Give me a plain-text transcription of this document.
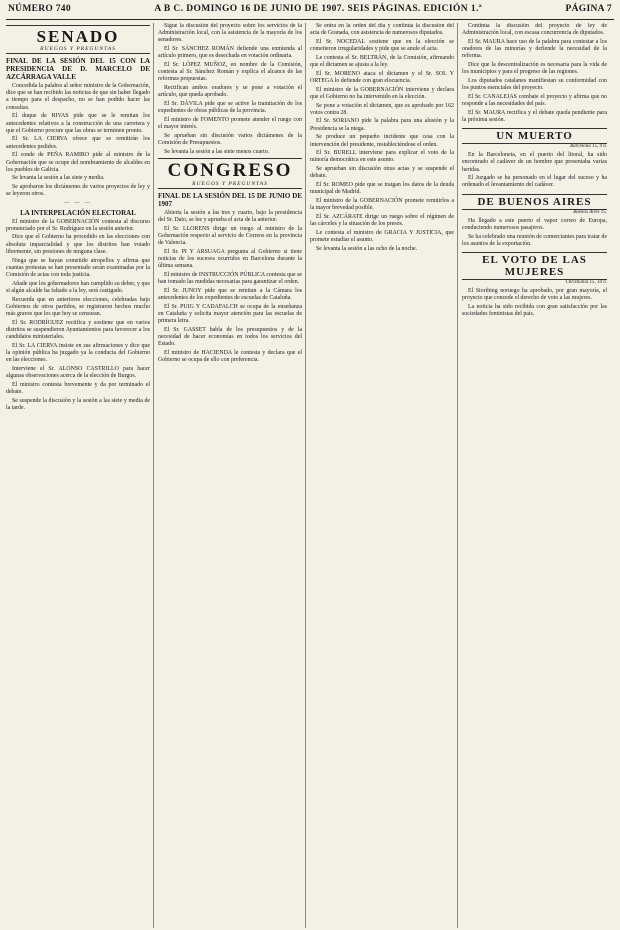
NÚMERO 740	A B C. DOMINGO 16 DE JUNIO DE 1907. SEIS PÁGINAS. EDICIÓN 1.ª	PÁGINA 7
SENADO
RUEGOS Y PREGUNTAS

FINAL DE LA SESIÓN DEL 15 CON LA PRESIDENCIA DE D. MARCELO DE AZCÁRRAGA VALLE

Concedida la palabra al señor ministro de la Gobernación, dice que se han recibido las noticias de que sin haber llegado a tiempo para el despacho, no se han podido hacer las consultas.

El duque de RIVAS pide que se le remitan los antecedentes relativos a la construcción de una carretera y que el Gobierno procure que las obras se terminen pronto.

El Sr. LA CIERVA ofrece que se remitirán los antecedentes pedidos.

El conde de PEÑA RAMIRO pide al ministro de la Gobernación que se ocupe del nombramiento de alcaldes en los pueblos de Galicia.

Se levanta la sesión a las siete y media.

Se aprobaron los dictámenes de varios proyectos de ley y se leyeron otros.

— — —

LA INTERPELACIÓN ELECTORAL

El ministro de la GOBERNACIÓN contesta al discurso pronunciado por el Sr. Rodríguez en la sesión anterior.

Dice que el Gobierno ha procedido en las elecciones con absoluta imparcialidad y que los distritos han votado libremente, sin presiones de ninguna clase.

Niega que se hayan cometido atropellos y afirma que cuantas protestas se han presentado serán examinadas por la Comisión de actas con toda justicia.

Añade que los gobernadores han cumplido su deber, y que si algún alcalde ha faltado a la ley, será castigado.

Recuerda que en anteriores elecciones, celebradas bajo Gobiernos de otros partidos, se registraron hechos mucho más graves que los que hoy se censuran.

El Sr. RODRÍGUEZ rectifica y sostiene que en varios distritos se suspendieron Ayuntamientos para favorecer a los candidatos ministeriales.

El Sr. LA CIERVA insiste en sus afirmaciones y dice que la opinión pública ha juzgado ya la conducta del Gobierno en las elecciones.

Interviene el Sr. ALONSO CASTRILLO para hacer algunas observaciones acerca de la elección de Burgos.

El ministro contesta brevemente y da por terminado el debate.

Se suspende la discusión y la sesión a las siete y media de la tarde.

Sigue la discusión del proyecto sobre los servicios de la Administración local, con la asistencia de la mayoría de los senadores.

El Sr. SÁNCHEZ ROMÁN defiende una enmienda al artículo primero, que es desechada en votación ordinaria.

El Sr. LÓPEZ MUÑOZ, en nombre de la Comisión, contesta al Sr. Sánchez Román y explica el alcance de las reformas propuestas.

Rectifican ambos oradores y se pone a votación el artículo, que queda aprobado.

El Sr. DÁVILA pide que se active la tramitación de los expedientes de obras públicas de la provincia.

El ministro de FOMENTO promete atender el ruego con el mayor interés.

Se aprueban sin discusión varios dictámenes de la Comisión de Presupuestos.

Se levanta la sesión a las siete menos cuarto.

CONGRESO
RUEGOS Y PREGUNTAS

FINAL DE LA SESIÓN DEL 15 DE JUNIO DE 1907

Abierta la sesión a las tres y cuarto, bajo la presidencia del Sr. Dato, se lee y aprueba el acta de la anterior.

El Sr. LLORENS dirige un ruego al ministro de la Gobernación respecto al servicio de Correos en la provincia de Valencia.

El Sr. PI Y ARSUAGA pregunta al Gobierno si tiene noticias de los sucesos ocurridos en Barcelona durante la última semana.

El ministro de INSTRUCCIÓN PÚBLICA contesta que se han tomado las medidas necesarias para garantizar el orden.

El Sr. JUNOY pide que se remitan a la Cámara los antecedentes de los expedientes de escuelas de Cataluña.

El Sr. PUIG Y CADAFALCH se ocupa de la enseñanza en Cataluña y solicita mayor atención para las escuelas de primera letra.

El Sr. GASSET habla de los presupuestos y de la necesidad de hacer economías en todos los servicios del Estado.

El ministro de HACIENDA le contesta y declara que el Gobierno se ocupa de ello con preferencia.

Se entra en la orden del día y continúa la discusión del acta de Granada, con asistencia de numerosos diputados.

El Sr. NOCEDAL sostiene que en la elección se cometieron irregularidades y pide que se anule el acta.

Le contesta el Sr. BELTRÁN, de la Comisión, afirmando que el dictamen se ajusta a la ley.

El Sr. MORENO ataca el dictamen y el Sr. SOL Y ORTEGA lo defiende con gran elocuencia.

El ministro de la GOBERNACIÓN interviene y declara que el Gobierno no ha intervenido en la elección.

Se pone a votación el dictamen, que es aprobado por 162 votos contra 28.

El Sr. SORIANO pide la palabra para una alusión y la Presidencia se la niega.

Se produce un pequeño incidente que cesa con la intervención del presidente, restableciéndose el orden.

El Sr. BURELL interviene para explicar el voto de la minoría democrática en este asunto.

Se aprueban sin discusión otras actas y se suspende el debate.

El Sr. ROMEO pide que se traigan los datos de la deuda municipal de Madrid.

El ministro de la GOBERNACIÓN promete remitirlos a la mayor brevedad posible.

El Sr. AZCÁRATE dirige un ruego sobre el régimen de las cárceles y la situación de los presos.

Le contesta el ministro de GRACIA Y JUSTICIA, que promete estudiar el asunto.

Se levanta la sesión a las ocho de la noche.

Continúa la discusión del proyecto de ley de Administración local, con escasa concurrencia de diputados.

El Sr. MAURA hace uso de la palabra para contestar a los oradores de las minorías y defiende la necesidad de la reforma.

Dice que la descentralización es necesaria para la vida de los municipios y para el progreso de las regiones.

Los diputados catalanes manifiestan su conformidad con los puntos esenciales del proyecto.

El Sr. CANALEJAS combate el proyecto y afirma que no responde a las necesidades del país.

El Sr. MAURA rectifica y el debate queda pendiente para la próxima sesión.

UN MUERTO
Barcelona 15, 9 n.

En la Barceloneta, en el puerto del litoral, ha sido encontrado el cadáver de un hombre que presentaba varias heridas.

El Juzgado se ha personado en el lugar del suceso y ha ordenado el levantamiento del cadáver.

DE BUENOS AIRES
Buenos Aires 15.

Ha llegado a este puerto el vapor correo de Europa, conduciendo numerosos pasajeros.

Se ha celebrado una reunión de comerciantes para tratar de los asuntos de la exportación.

EL VOTO DE LAS MUJERES
Christiania 15, 10 n.

El Storthing noruego ha aprobado, por gran mayoría, el proyecto que concede el derecho de voto a las mujeres.

La noticia ha sido recibida con gran satisfacción por las sociedades feministas del país.
